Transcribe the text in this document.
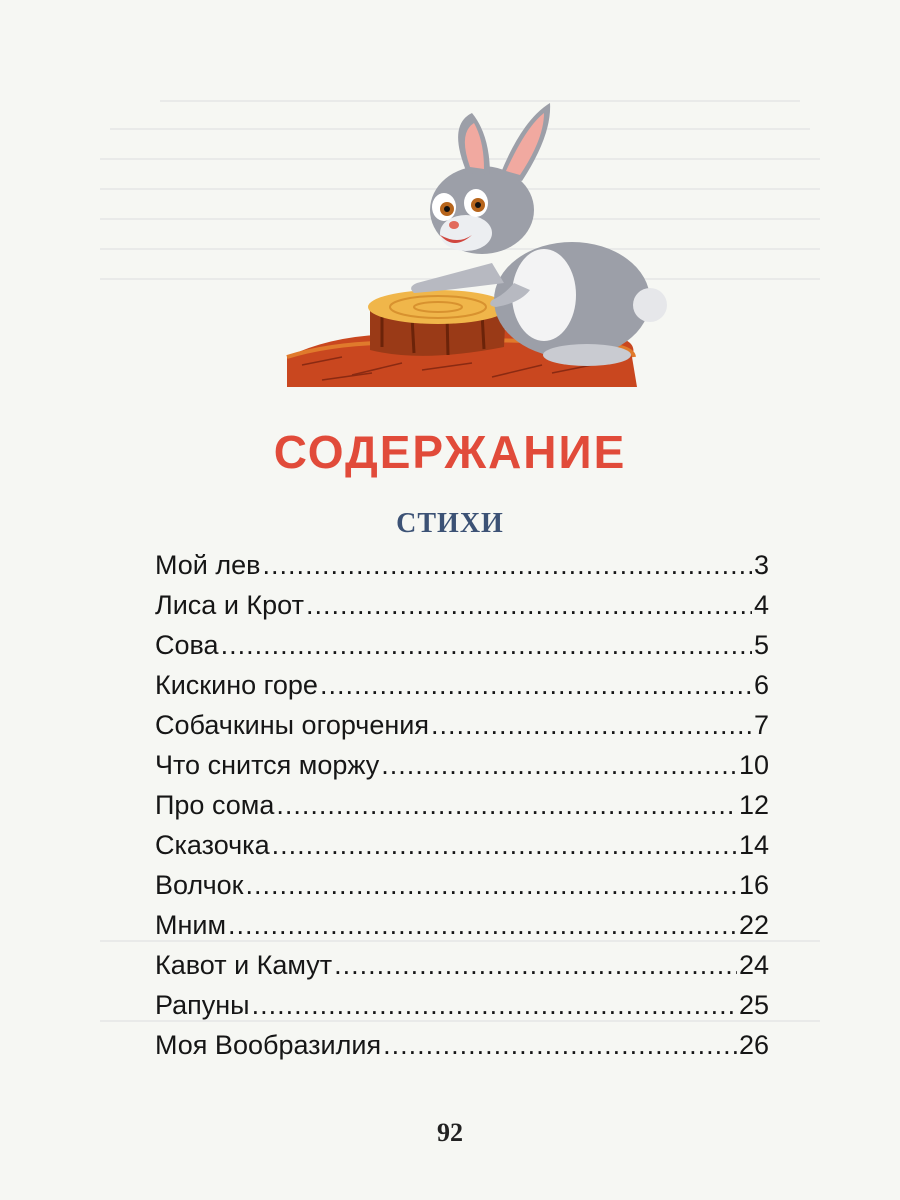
СОДЕРЖАНИЕ
СТИХИ
Мой лев .....	3
Лиса и Крот .....	4
Сова .....	5
Кискино горе .....	6
Собачкины огорчения .....	7
Что снится моржу .....	10
Про сома .....	12
Сказочка .....	14
Волчок .....	16
Мним .....	22
Кавот и Камут .....	24
Рапуны .....	25
Моя Вообразилия .....	26
92
